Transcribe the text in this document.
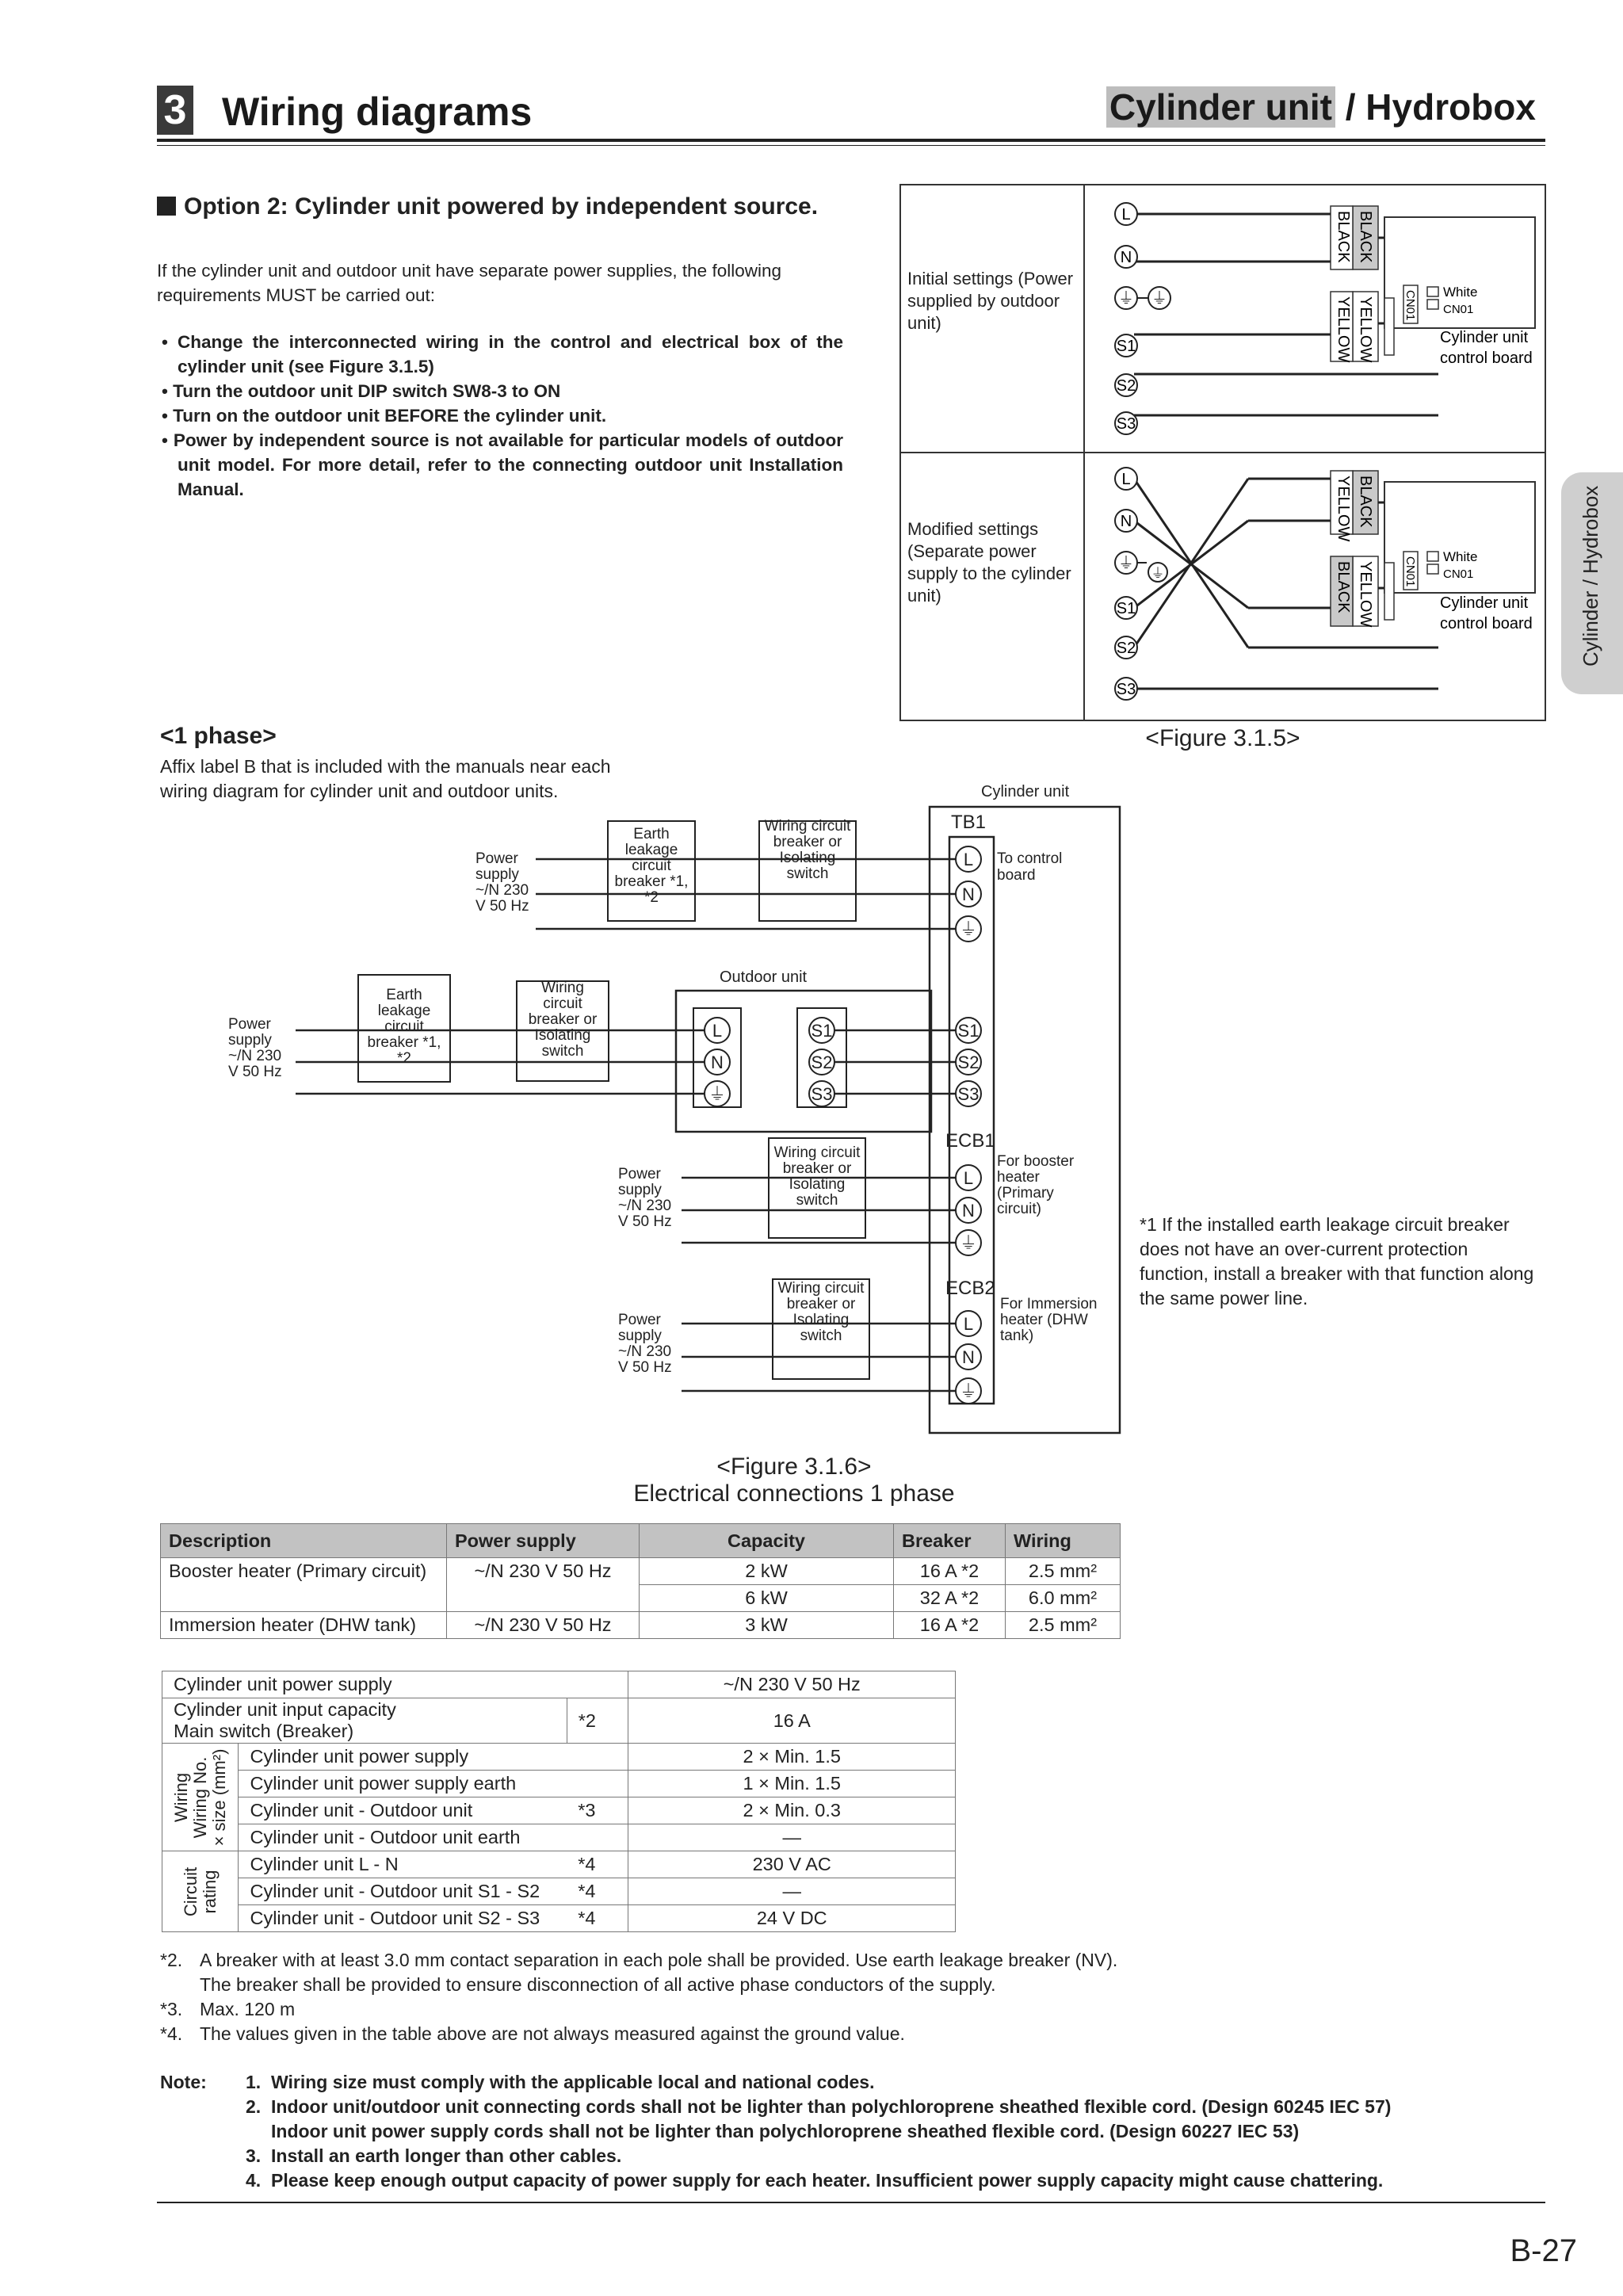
3 Wiring diagrams	Cylinder unit / Hydrobox
Cylinder / Hydrobox
Option 2: Cylinder unit powered by independent source.
If the cylinder unit and outdoor unit have separate power supplies, the following requirements MUST be carried out:
• Change the interconnected wiring in the control and electrical box of the cylinder unit (see Figure 3.1.5)
• Turn the outdoor unit DIP switch SW8-3 to ON
• Turn on the outdoor unit BEFORE the cylinder unit.
• Power by independent source is not available for particular models of outdoor unit model. For more detail, refer to the connecting outdoor unit Installation Manual.
BLACK
BLACK
YELLOW
YELLOW	CN01 White
CN01
Cylinder unit
control board
L
N
⏚ ⏚
S1
S2
S3
BLACK
YELLOW
YELLOW
BLACK	CN01 White
CN01
Cylinder unit
control board
L
N
⏚
⏚
S1
S2
S3
Initial settings (Power supplied by outdoor unit)
Modified settings (Separate power supply to the cylinder unit)
<Figure 3.1.5>
<1 phase>
Affix label B that is included with the manuals near each wiring diagram for cylinder unit and outdoor units.
L
N
⏚
S1
S2
S3
L
N
⏚
L
N
⏚
L
N
⏚
S1
S2
S3
Cylinder unit
TB1
To control board
Outdoor unit
ECB1
For booster heater (Primary circuit)
ECB2
For Immersion heater (DHW tank)
Power supply ~/N 230 V 50 Hz
Power supply ~/N 230 V 50 Hz
Power supply ~/N 230 V 50 Hz
Power supply ~/N 230 V 50 Hz
Earth leakage circuit breaker *1, *2
Earth leakage circuit breaker *1, *2
Wiring circuit breaker or Isolating switch
Wiring circuit breaker or Isolating switch
Wiring circuit breaker or Isolating switch
Wiring circuit breaker or Isolating switch
*1 If the installed earth leakage circuit breaker does not have an over-current protection function, install a breaker with that function along the same power line.
<Figure 3.1.6>
Electrical connections 1 phase
Description	Power supply	Capacity	Breaker	Wiring
Booster heater (Primary circuit)	~/N 230 V 50 Hz	2 kW	16 A *2	2.5 mm²
		6 kW	32 A *2	6.0 mm²
Immersion heater (DHW tank)	~/N 230 V 50 Hz	3 kW	16 A *2	2.5 mm²
Cylinder unit power supply			~/N 230 V 50 Hz

Cylinder unit input capacity
Main switch (Breaker)		*2	16 A

Wiring
Wiring No.
× size (mm²)	Cylinder unit power supply		2 × Min. 1.5
	Cylinder unit power supply earth		1 × Min. 1.5
	Cylinder unit - Outdoor unit	*3	2 × Min. 0.3
	Cylinder unit - Outdoor unit earth		—

Circuit
rating	Cylinder unit L - N	*4	230 V AC
	Cylinder unit - Outdoor unit S1 - S2	*4	—
	Cylinder unit - Outdoor unit S2 - S3	*4	24 V DC
*2. A breaker with at least 3.0 mm contact separation in each pole shall be provided. Use earth leakage breaker (NV).
The breaker shall be provided to ensure disconnection of all active phase conductors of the supply.
*3. Max. 120 m
*4. The values given in the table above are not always measured against the ground value.
Note:	1. Wiring size must comply with the applicable local and national codes.
2. Indoor unit/outdoor unit connecting cords shall not be lighter than polychloroprene sheathed flexible cord. (Design 60245 IEC 57)
Indoor unit power supply cords shall not be lighter than polychloroprene sheathed flexible cord. (Design 60227 IEC 53)
3. Install an earth longer than other cables.
4. Please keep enough output capacity of power supply for each heater. Insufficient power supply capacity might cause chattering.
B-27
